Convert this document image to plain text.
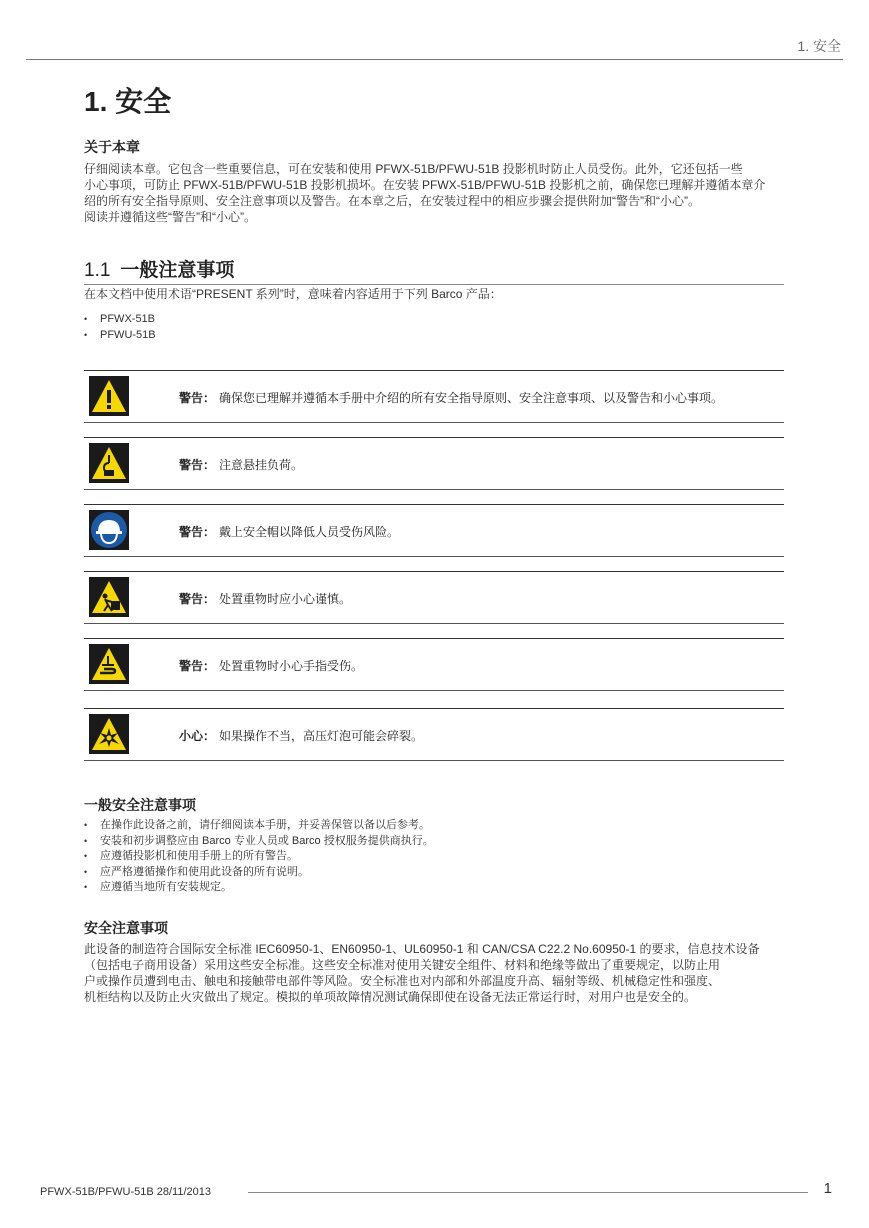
1. 安全
1. 安全
关于本章
仔细阅读本章。它包含一些重要信息，可在安装和使用 PFWX-51B/PFWU-51B 投影机时防止人员受伤。此外，它还包括一些
小心事项，可防止 PFWX-51B/PFWU-51B 投影机损坏。在安装 PFWX-51B/PFWU-51B 投影机之前，确保您已理解并遵循本章介
绍的所有安全指导原则、安全注意事项以及警告。在本章之后，在安装过程中的相应步骤会提供附加“警告”和“小心”。
阅读并遵循这些“警告”和“小心”。
1.1 一般注意事项
在本文档中使用术语“PRESENT 系列”时，意味着内容适用于下列 Barco 产品：
• PFWX-51B
• PFWU-51B
警告： 确保您已理解并遵循本手册中介绍的所有安全指导原则、安全注意事项、以及警告和小心事项。
警告： 注意悬挂负荷。
警告： 戴上安全帽以降低人员受伤风险。
警告： 处置重物时应小心谨慎。
警告： 处置重物时小心手指受伤。
小心： 如果操作不当，高压灯泡可能会碎裂。
一般安全注意事项
• 在操作此设备之前，请仔细阅读本手册，并妥善保管以备以后参考。
• 安装和初步调整应由 Barco 专业人员或 Barco 授权服务提供商执行。
• 应遵循投影机和使用手册上的所有警告。
• 应严格遵循操作和使用此设备的所有说明。
• 应遵循当地所有安装规定。
安全注意事项
此设备的制造符合国际安全标准 IEC60950-1、EN60950-1、UL60950-1 和 CAN/CSA C22.2 No.60950-1 的要求，信息技术设备
（包括电子商用设备）采用这些安全标准。这些安全标准对使用关键安全组件、材料和绝缘等做出了重要规定，以防止用
户或操作员遭到电击、触电和接触带电部件等风险。安全标准也对内部和外部温度升高、辐射等级、机械稳定性和强度、
机柜结构以及防止火灾做出了规定。模拟的单项故障情况测试确保即使在设备无法正常运行时，对用户也是安全的。
PFWX-51B/PFWU-51B 28/11/2013	1
